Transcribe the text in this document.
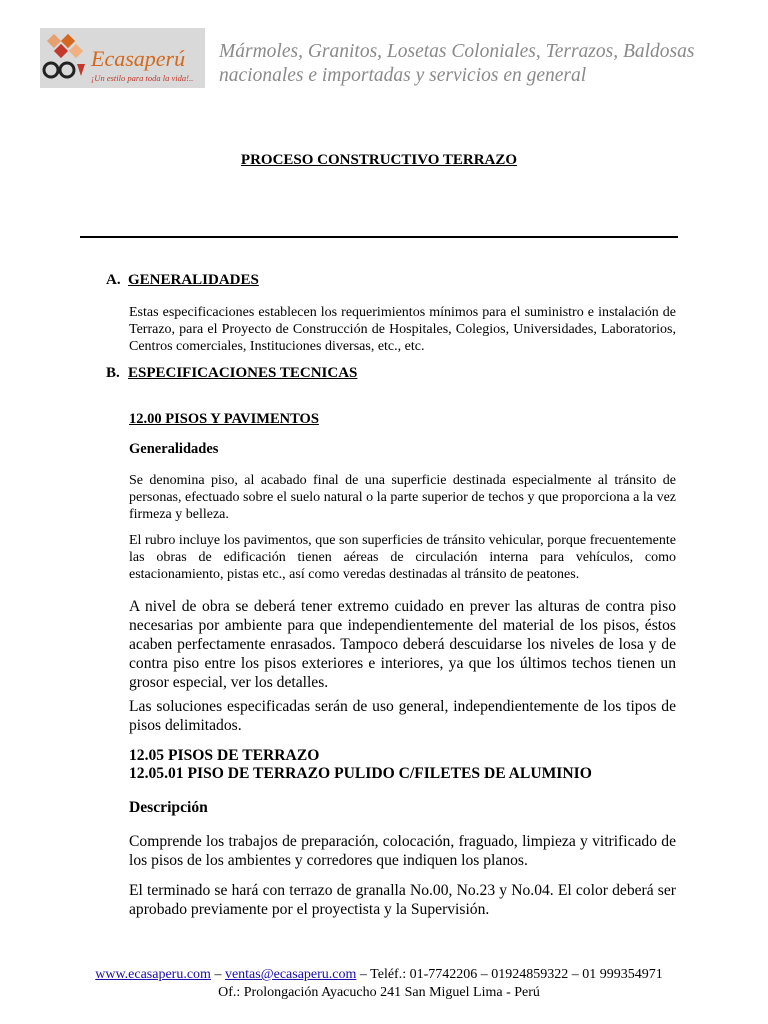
Ecasaperú
¡Un estilo para toda la vida!..
Mármoles, Granitos, Losetas Coloniales, Terrazos, Baldosas
nacionales e importadas y servicios en general
PROCESO CONSTRUCTIVO TERRAZO
A. GENERALIDADES
Estas especificaciones establecen los requerimientos mínimos para el suministro e instalación de Terrazo, para el Proyecto de Construcción de Hospitales, Colegios, Universidades, Laboratorios, Centros comerciales, Instituciones diversas, etc., etc.
B. ESPECIFICACIONES TECNICAS
12.00 PISOS Y PAVIMENTOS
Generalidades
Se denomina piso, al acabado final de una superficie destinada especialmente al tránsito de personas, efectuado sobre el suelo natural o la parte superior de techos y que proporciona a la vez firmeza y belleza.
El rubro incluye los pavimentos, que son superficies de tránsito vehicular, porque frecuentemente las obras de edificación tienen aéreas de circulación interna para vehículos, como estacionamiento, pistas etc., así como veredas destinadas al tránsito de peatones.
A nivel de obra se deberá tener extremo cuidado en prever las alturas de contra piso necesarias por ambiente para que independientemente del material de los pisos, éstos acaben perfectamente enrasados. Tampoco deberá descuidarse los niveles de losa y de contra piso entre los pisos exteriores e interiores, ya que los últimos techos tienen un grosor especial, ver los detalles.
Las soluciones especificadas serán de uso general, independientemente de los tipos de pisos delimitados.
12.05 PISOS DE TERRAZO
12.05.01 PISO DE TERRAZO PULIDO C/FILETES DE ALUMINIO
Descripción
Comprende los trabajos de preparación, colocación, fraguado, limpieza y vitrificado de los pisos de los ambientes y corredores que indiquen los planos.
El terminado se hará con terrazo de granalla No.00, No.23 y No.04. El color deberá ser aprobado previamente por el proyectista y la Supervisión.
www.ecasaperu.com – ventas@ecasaperu.com – Teléf.: 01-7742206 – 01924859322 – 01 999354971
Of.: Prolongación Ayacucho 241 San Miguel Lima - Perú
